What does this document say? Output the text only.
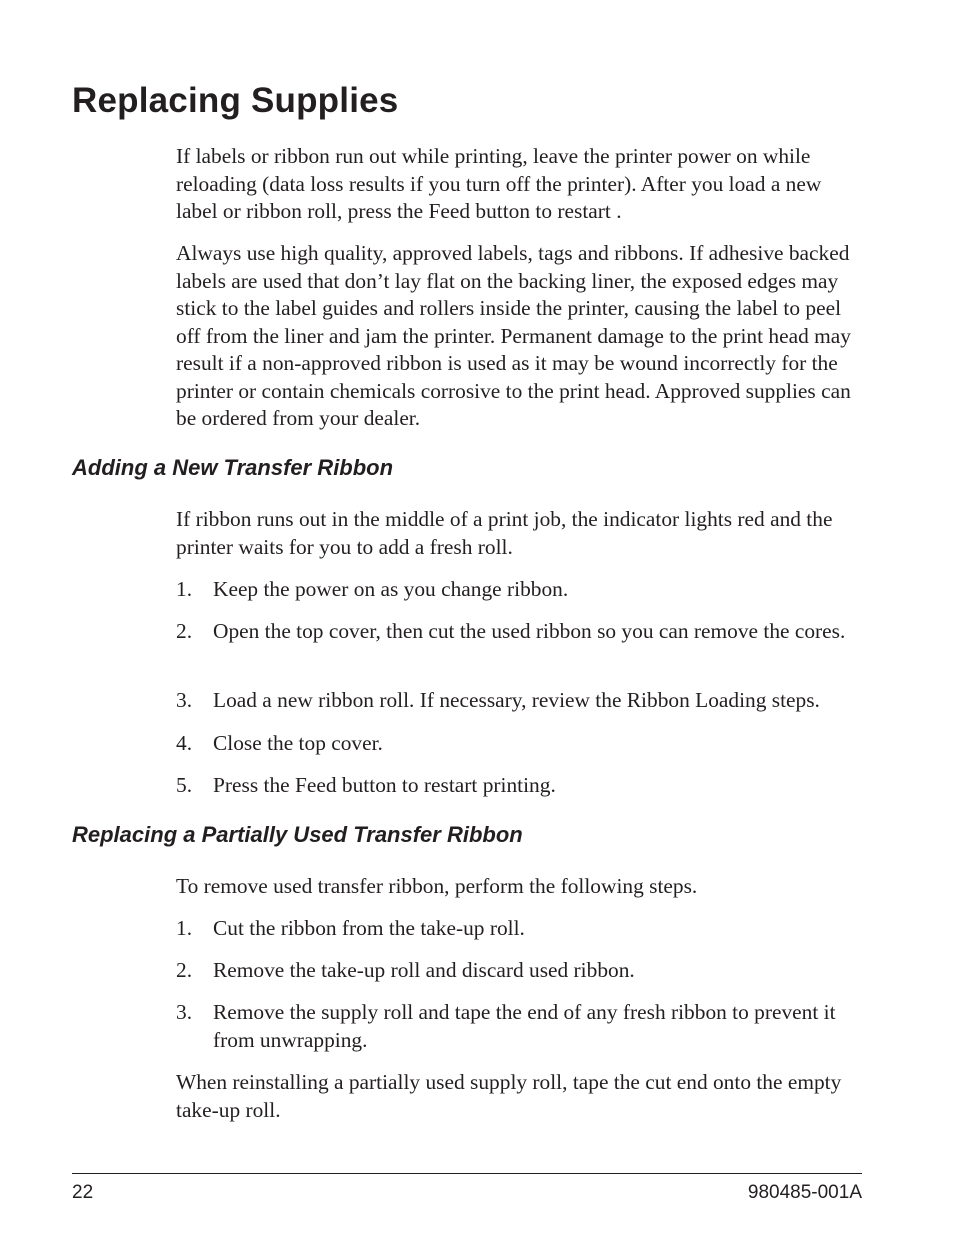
Replacing Supplies

If labels or ribbon run out while printing, leave the printer power on while reloading (data loss results if you turn off the printer). After you load a new label or ribbon roll, press the Feed button to restart .

Always use high quality, approved labels, tags and ribbons. If adhesive backed labels are used that don’t lay flat on the backing liner, the exposed edges may stick to the label guides and rollers inside the printer, causing the label to peel off from the liner and jam the printer. Permanent damage to the print head may result if a non-approved ribbon is used as it may be wound incorrectly for the printer or contain chemicals corrosive to the print head. Approved supplies can be ordered from your dealer.

Adding a New Transfer Ribbon

If ribbon runs out in the middle of a print job, the indicator lights red and the printer waits for you to add a fresh roll.

1. Keep the power on as you change ribbon.
2. Open the top cover, then cut the used ribbon so you can remove the cores.
3. Load a new ribbon roll. If necessary, review the Ribbon Loading steps.
4. Close the top cover.
5. Press the Feed button to restart printing.
Replacing a Partially Used Transfer Ribbon

To remove used transfer ribbon, perform the following steps.

1. Cut the ribbon from the take-up roll.
2. Remove the take-up roll and discard used ribbon.
3. Remove the supply roll and tape the end of any fresh ribbon to prevent it from unwrapping.

When reinstalling a partially used supply roll, tape the cut end onto the empty take-up roll.

22	980485-001A
